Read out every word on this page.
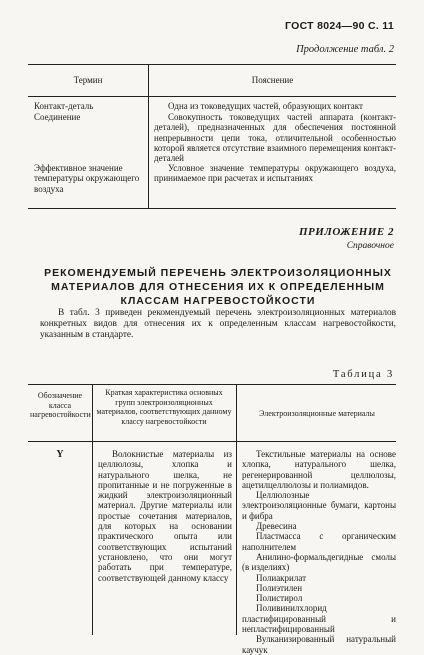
ГОСТ 8024—90 С. 11
Продолжение табл. 2
Термин	Пояснение
Контакт-деталь
Соединение
Эффективное значение температуры окружающего воздуха
Одна из токоведущих частей, образующих контакт
Совокупность токоведущих частей аппарата (контакт-деталей), предназначенных для обеспечения постоянной непрерывности цепи тока, отличительной особенностью которой является отсутствие взаимного перемещения контакт-деталей
Условное значение температуры окружающего воздуха, принимаемое при расчетах и испытаниях
ПРИЛОЖЕНИЕ 2
Справочное
РЕКОМЕНДУЕМЫЙ ПЕРЕЧЕНЬ ЭЛЕКТРОИЗОЛЯЦИОННЫХ МАТЕРИАЛОВ ДЛЯ ОТНЕСЕНИЯ ИХ К ОПРЕДЕЛЕННЫМ КЛАССАМ НАГРЕВОСТОЙКОСТИ
В табл. 3 приведен рекомендуемый перечень электроизоляционных материалов конкретных видов для отнесения их к определенным классам нагревостойкости, указанным в стандарте.
Таблица 3
Обозначение класса нагревостойкости
Краткая характеристика основных групп электроизоляционных материалов, соответствующих данному классу нагревостойкости
Электроизоляционные материалы
Y	Волокнистые материалы из целлюлозы, хлопка и натурального шелка, не пропитанные и не погруженные в жидкий электроизоляционный материал. Другие материалы или простые сочетания материалов, для которых на основании практического опыта или соответствующих испытаний установлено, что они могут работать при температуре, соответствующей данному классу
Текстильные материалы на основе хлопка, натурального шелка, регенерированной целлюлозы, ацетилцеллюлозы и полиамидов.
Целлюлозные электроизоляционные бумаги, картоны и фибра
Древесина
Пластмасса с органическим наполнителем
Анилино-формальдегидные смолы (в изделиях)
Полиакрилат
Полиэтилен
Полистирол
Поливинилхлорид пластифицированный и непластифицированный
Вулканизированный натуральный каучук
